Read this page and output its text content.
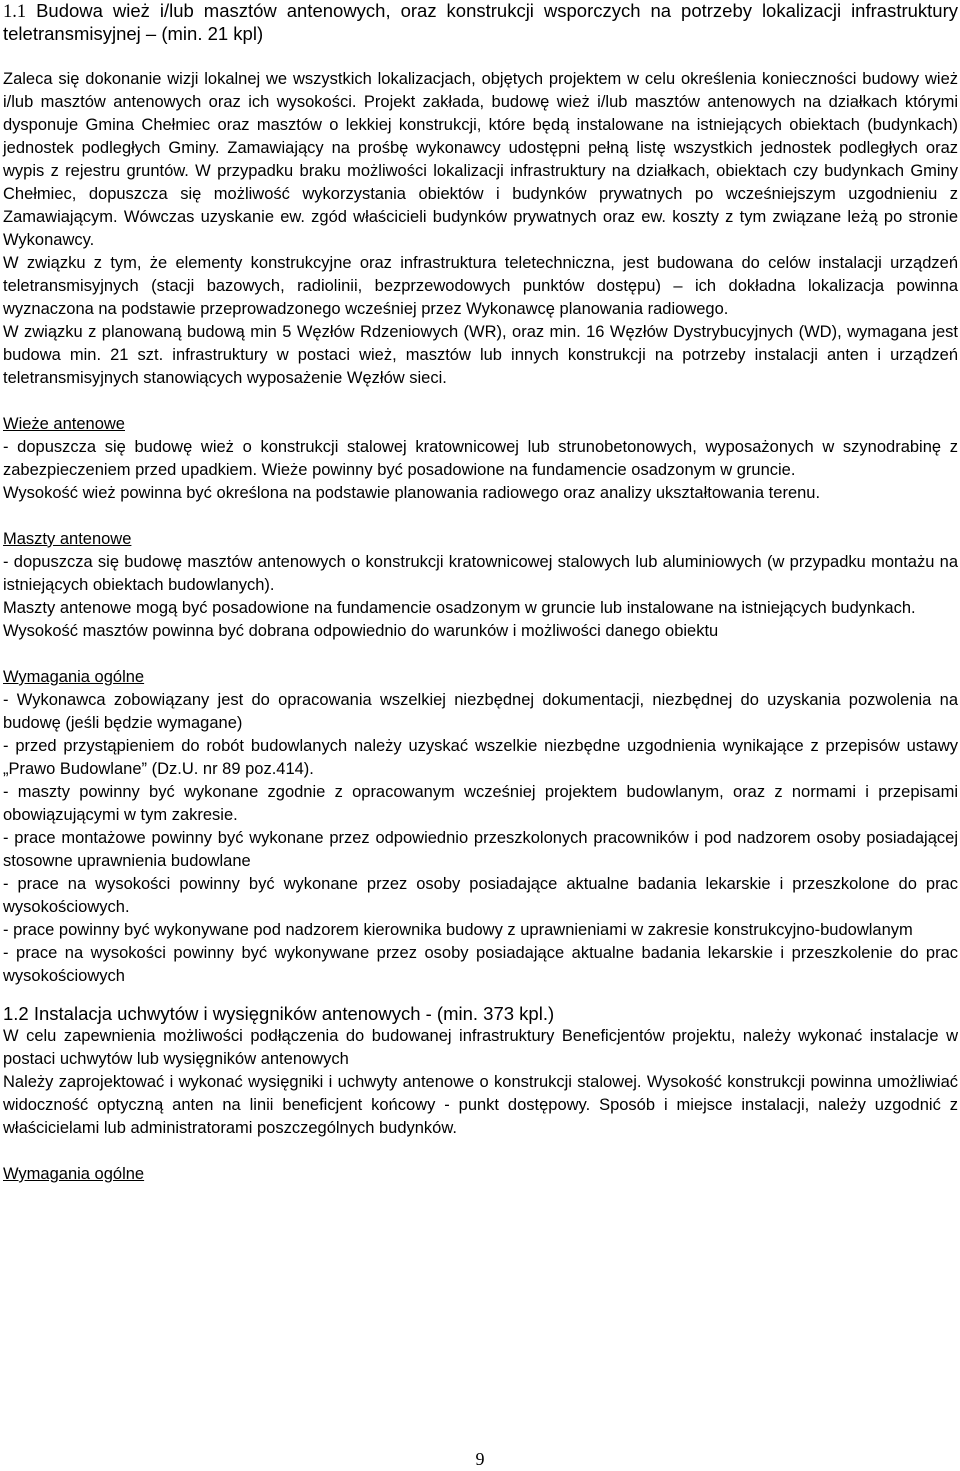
1.1 Budowa wież i/lub masztów antenowych, oraz konstrukcji wsporczych na potrzeby lokalizacji infrastruktury teletransmisyjnej – (min. 21 kpl)

Zaleca się dokonanie wizji lokalnej we wszystkich lokalizacjach, objętych projektem w celu określenia konieczności budowy wież i/lub masztów antenowych oraz ich wysokości. Projekt zakłada, budowę wież i/lub masztów antenowych na działkach którymi dysponuje Gmina Chełmiec oraz masztów o lekkiej konstrukcji, które będą instalowane na istniejących obiektach (budynkach) jednostek podległych Gminy. Zamawiający na prośbę wykonawcy udostępni pełną listę wszystkich jednostek podległych oraz wypis z rejestru gruntów. W przypadku braku możliwości lokalizacji infrastruktury na działkach, obiektach czy budynkach Gminy Chełmiec, dopuszcza się możliwość wykorzystania obiektów i budynków prywatnych po wcześniejszym uzgodnieniu z Zamawiającym. Wówczas uzyskanie ew. zgód właścicieli budynków prywatnych oraz ew. koszty z tym związane leżą po stronie Wykonawcy.

W związku z tym, że elementy konstrukcyjne oraz infrastruktura teletechniczna, jest budowana do celów instalacji urządzeń teletransmisyjnych (stacji bazowych, radiolinii, bezprzewodowych punktów dostępu) – ich dokładna lokalizacja powinna wyznaczona na podstawie przeprowadzonego wcześniej przez Wykonawcę planowania radiowego.

W związku z planowaną budową min 5 Węzłów Rdzeniowych (WR), oraz min. 16 Węzłów Dystrybucyjnych (WD), wymagana jest budowa min. 21 szt. infrastruktury w postaci wież, masztów lub innych konstrukcji na potrzeby instalacji anten i urządzeń teletransmisyjnych stanowiących wyposażenie Węzłów sieci.

Wieże antenowe

- dopuszcza się budowę wież o konstrukcji stalowej kratownicowej lub strunobetonowych, wyposażonych w szynodrabinę z zabezpieczeniem przed upadkiem. Wieże powinny być posadowione na fundamencie osadzonym w gruncie.

Wysokość wież powinna być określona na podstawie planowania radiowego oraz analizy ukształtowania terenu.

Maszty antenowe

- dopuszcza się budowę masztów antenowych o konstrukcji kratownicowej stalowych lub aluminiowych (w przypadku montażu na istniejących obiektach budowlanych).

Maszty antenowe mogą być posadowione na fundamencie osadzonym w gruncie lub instalowane na istniejących budynkach.

Wysokość masztów powinna być dobrana odpowiednio do warunków i możliwości danego obiektu

Wymagania ogólne

- Wykonawca zobowiązany jest do opracowania wszelkiej niezbędnej dokumentacji, niezbędnej do uzyskania pozwolenia na budowę (jeśli będzie wymagane)

- przed przystąpieniem do robót budowlanych należy uzyskać wszelkie niezbędne uzgodnienia wynikające z przepisów ustawy „Prawo Budowlane” (Dz.U. nr 89 poz.414).

- maszty powinny być wykonane zgodnie z opracowanym wcześniej projektem budowlanym, oraz z normami i przepisami obowiązującymi w tym zakresie.

- prace montażowe powinny być wykonane przez odpowiednio przeszkolonych pracowników i pod nadzorem osoby posiadającej stosowne uprawnienia budowlane

- prace na wysokości powinny być wykonane przez osoby posiadające aktualne badania lekarskie i przeszkolone do prac wysokościowych.

- prace powinny być wykonywane pod nadzorem kierownika budowy z uprawnieniami w zakresie konstrukcyjno-budowlanym

- prace na wysokości powinny być wykonywane przez osoby posiadające aktualne badania lekarskie i przeszkolenie do prac wysokościowych

1.2 Instalacja uchwytów i wysięgników antenowych - (min. 373 kpl.)

W celu zapewnienia możliwości podłączenia do budowanej infrastruktury Beneficjentów projektu, należy wykonać instalacje w postaci uchwytów lub wysięgników antenowych

Należy zaprojektować i wykonać wysięgniki i uchwyty antenowe o konstrukcji stalowej. Wysokość konstrukcji powinna umożliwiać widoczność optyczną anten na linii beneficjent końcowy - punkt dostępowy. Sposób i miejsce instalacji, należy uzgodnić z właścicielami lub administratorami poszczególnych budynków.

Wymagania ogólne

9
